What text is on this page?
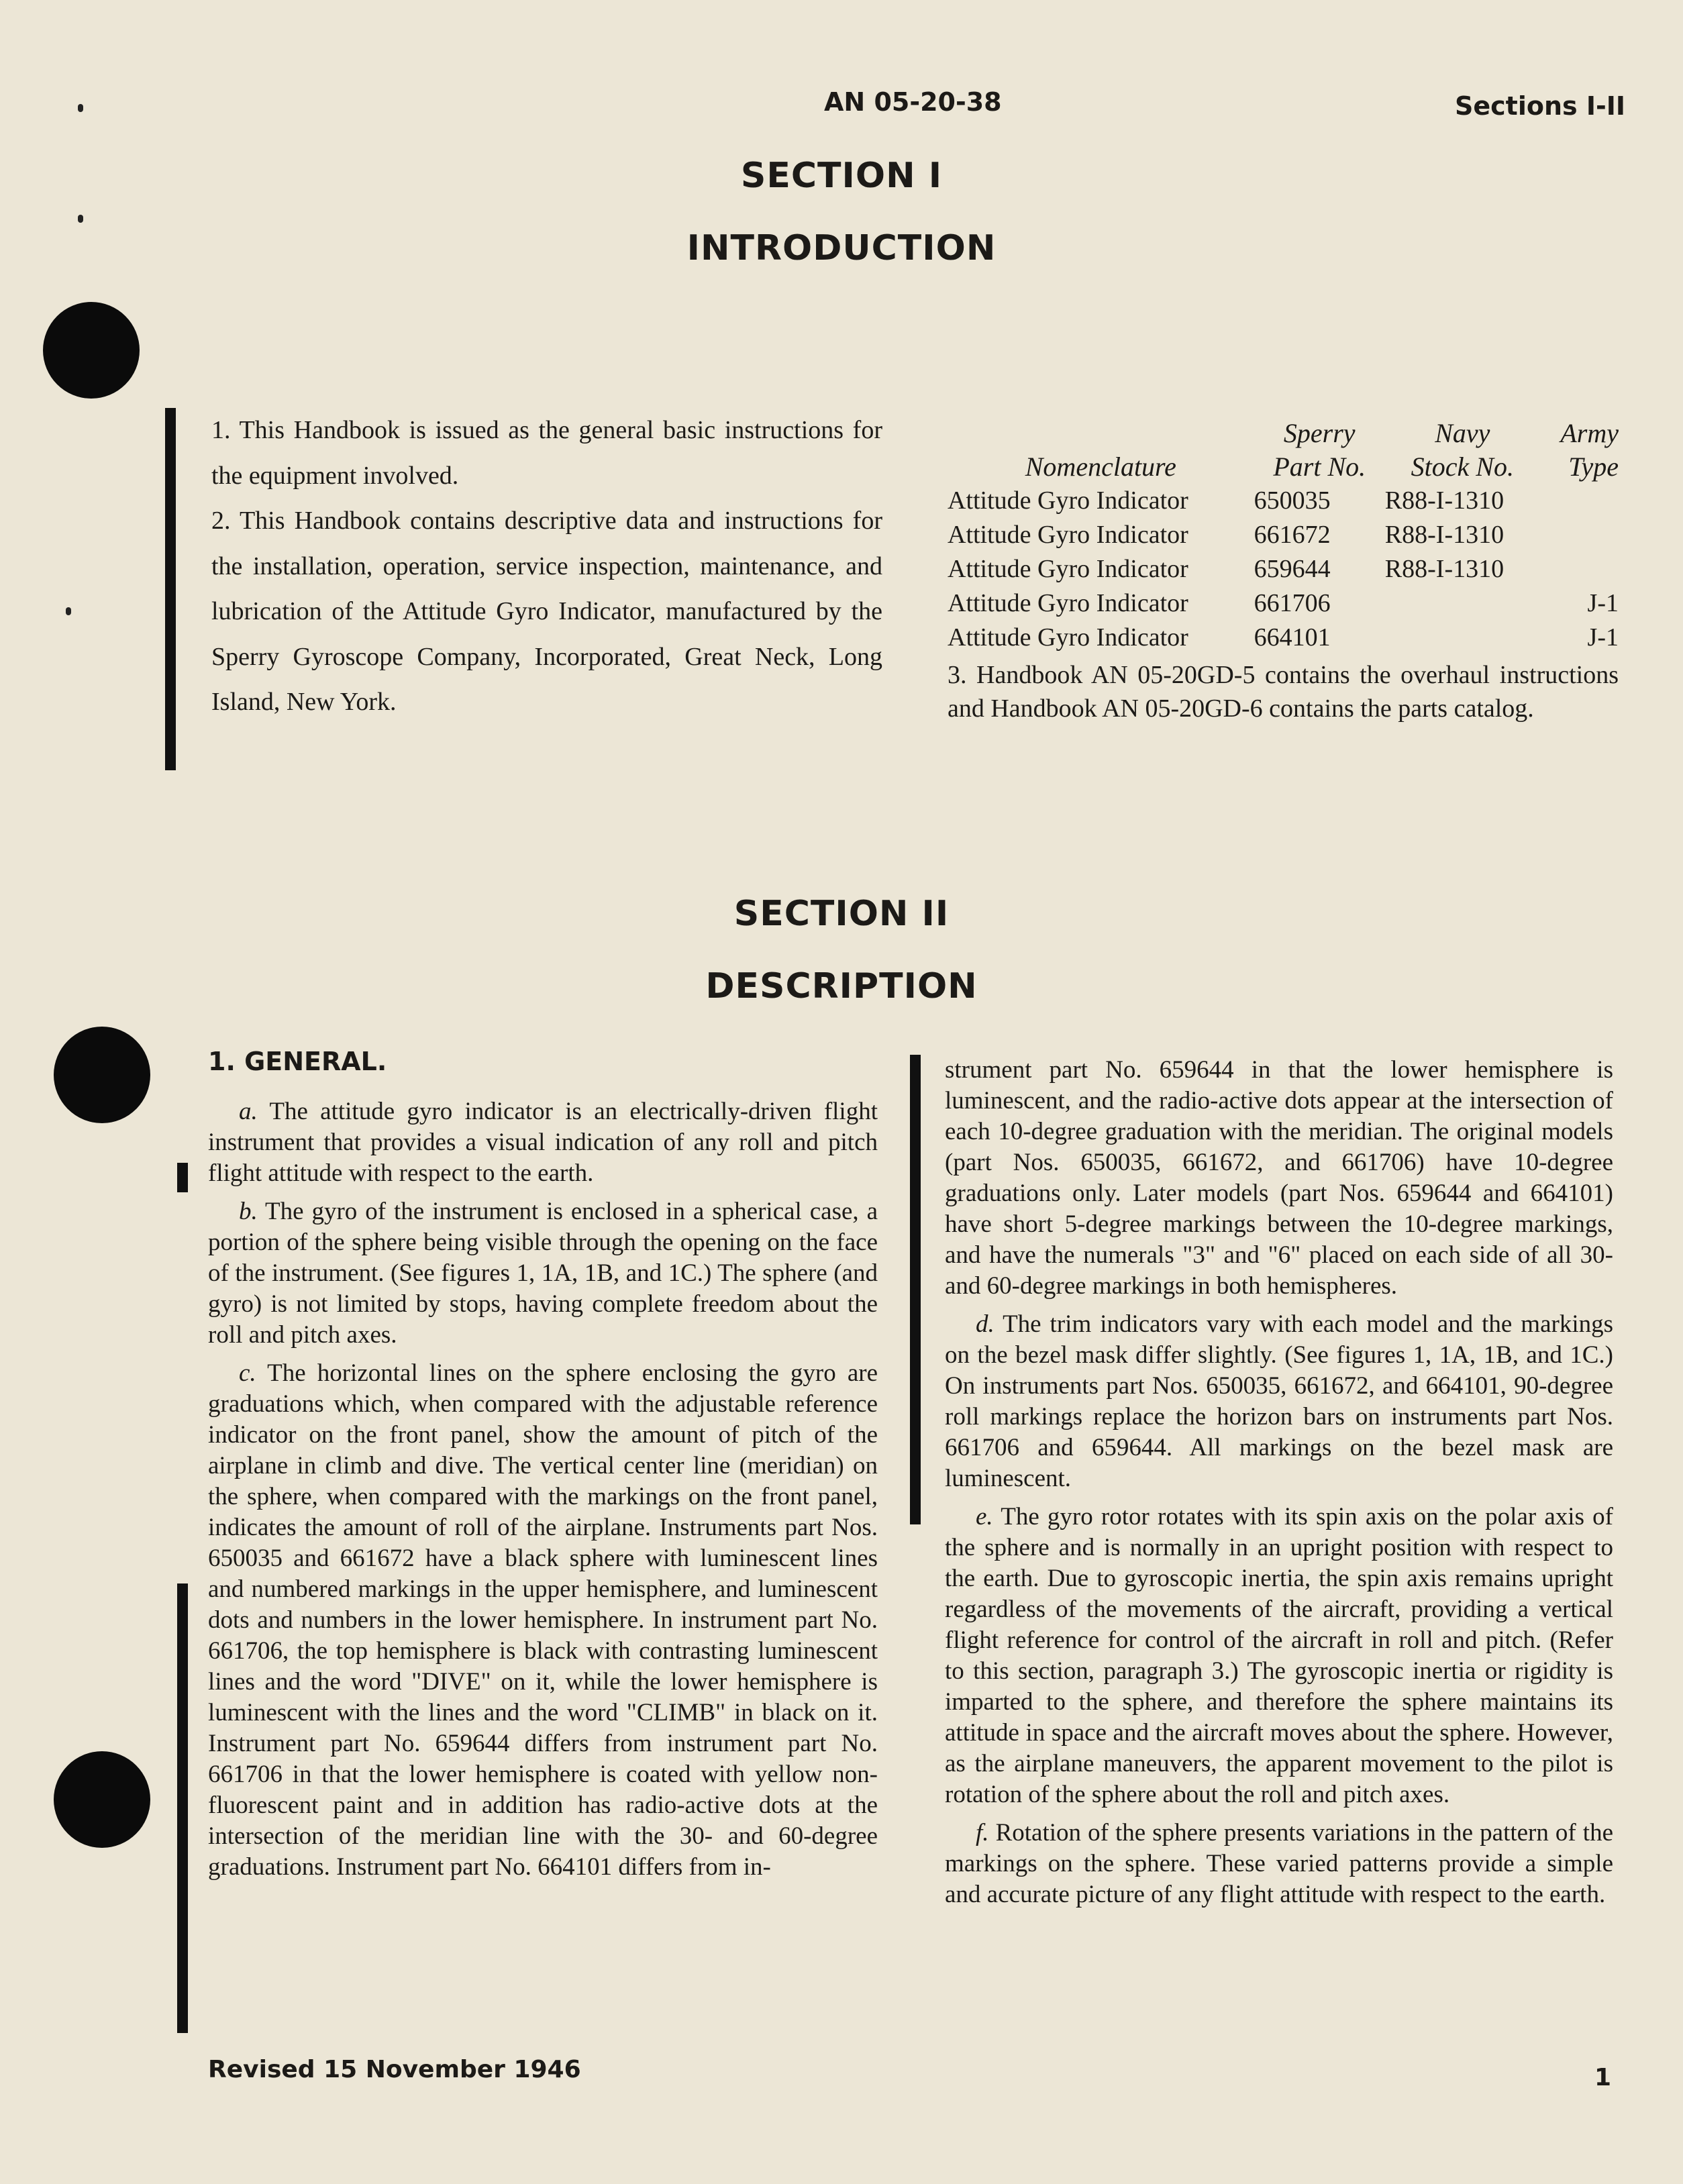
AN 05-20-38	Sections I-II
SECTION I
INTRODUCTION

1. This Handbook is issued as the general basic instructions for the equipment involved.

2. This Handbook contains descriptive data and instructions for the installation, operation, service inspection, maintenance, and lubrication of the Attitude Gyro Indicator, manufactured by the Sperry Gyroscope Company, Incorporated, Great Neck, Long Island, New York.

	Sperry	Navy	Army
Nomenclature	Part No.	Stock No.	Type
Attitude Gyro Indicator	650035	R88-I-1310	
Attitude Gyro Indicator	661672	R88-I-1310	
Attitude Gyro Indicator	659644	R88-I-1310	
Attitude Gyro Indicator	661706		J-1
Attitude Gyro Indicator	664101		J-1

3. Handbook AN 05-20GD-5 contains the overhaul instructions and Handbook AN 05-20GD-6 contains the parts catalog.

SECTION II
DESCRIPTION
1. GENERAL.

a. The attitude gyro indicator is an electrically-driven flight instrument that provides a visual indication of any roll and pitch flight attitude with respect to the earth.

b. The gyro of the instrument is enclosed in a spherical case, a portion of the sphere being visible through the opening on the face of the instrument. (See figures 1, 1A, 1B, and 1C.) The sphere (and gyro) is not limited by stops, having complete freedom about the roll and pitch axes.

c. The horizontal lines on the sphere enclosing the gyro are graduations which, when compared with the adjustable reference indicator on the front panel, show the amount of pitch of the airplane in climb and dive. The vertical center line (meridian) on the sphere, when compared with the markings on the front panel, indicates the amount of roll of the airplane. Instruments part Nos. 650035 and 661672 have a black sphere with luminescent lines and numbered markings in the upper hemisphere, and luminescent dots and numbers in the lower hemisphere. In instrument part No. 661706, the top hemisphere is black with contrasting luminescent lines and the word "DIVE" on it, while the lower hemisphere is luminescent with the lines and the word "CLIMB" in black on it. Instrument part No. 659644 differs from instrument part No. 661706 in that the lower hemisphere is coated with yellow non-fluorescent paint and in addition has radio-active dots at the intersection of the meridian line with the 30- and 60-degree graduations. Instrument part No. 664101 differs from in-

strument part No. 659644 in that the lower hemisphere is luminescent, and the radio-active dots appear at the intersection of each 10-degree graduation with the meridian. The original models (part Nos. 650035, 661672, and 661706) have 10-degree graduations only. Later models (part Nos. 659644 and 664101) have short 5-degree markings between the 10-degree markings, and have the numerals "3" and "6" placed on each side of all 30- and 60-degree markings in both hemispheres.

d. The trim indicators vary with each model and the markings on the bezel mask differ slightly. (See figures 1, 1A, 1B, and 1C.) On instruments part Nos. 650035, 661672, and 664101, 90-degree roll markings replace the horizon bars on instruments part Nos. 661706 and 659644. All markings on the bezel mask are luminescent.

e. The gyro rotor rotates with its spin axis on the polar axis of the sphere and is normally in an upright position with respect to the earth. Due to gyroscopic inertia, the spin axis remains upright regardless of the movements of the aircraft, providing a vertical flight reference for control of the aircraft in roll and pitch. (Refer to this section, paragraph 3.) The gyroscopic inertia or rigidity is imparted to the sphere, and therefore the sphere maintains its attitude in space and the aircraft moves about the sphere. However, as the airplane maneuvers, the apparent movement to the pilot is rotation of the sphere about the roll and pitch axes.

f. Rotation of the sphere presents variations in the pattern of the markings on the sphere. These varied patterns provide a simple and accurate picture of any flight attitude with respect to the earth.

Revised 15 November 1946	1
